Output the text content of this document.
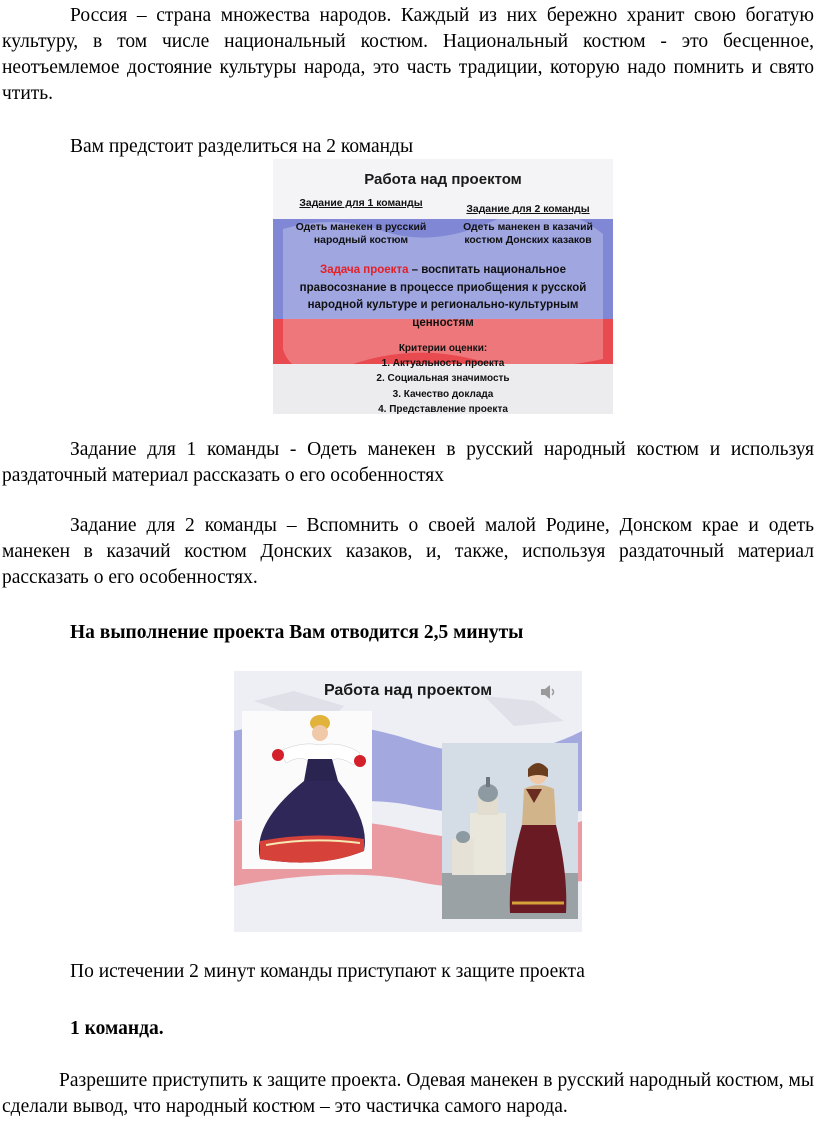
Россия – страна множества народов. Каждый из них бережно хранит свою богатую культуру, в том числе национальный костюм. Национальный костюм - это бесценное, неотъемлемое достояние культуры народа, это часть традиции, которую надо помнить и свято чтить.

Вам предстоит разделиться на 2 команды

Работа над проектом
Задание для 1 команды
Одеть манекен в русский народный костюм
Задание для 2 команды
Одеть манекен в казачий костюм Донских казаков
Задача проекта – воспитать национальное правосознание в процессе приобщения к русской народной культуре и регионально-культурным ценностям
Критерии оценки:
1. Актуальность проекта
2. Социальная значимость
3. Качество доклада
4. Представление проекта

Задание для 1 команды - Одеть манекен в русский народный костюм и используя раздаточный материал рассказать о его особенностях

Задание для 2 команды – Вспомнить о своей малой Родине, Донском крае и одеть манекен в казачий костюм Донских казаков, и, также, используя раздаточный материал рассказать о его особенностях.

На выполнение проекта Вам отводится 2,5 минуты

Работа над проектом

По истечении 2 минут команды приступают к защите проекта

1 команда.

Разрешите приступить к защите проекта. Одевая манекен в русский народный костюм, мы сделали вывод, что народный костюм – это частичка самого народа.
